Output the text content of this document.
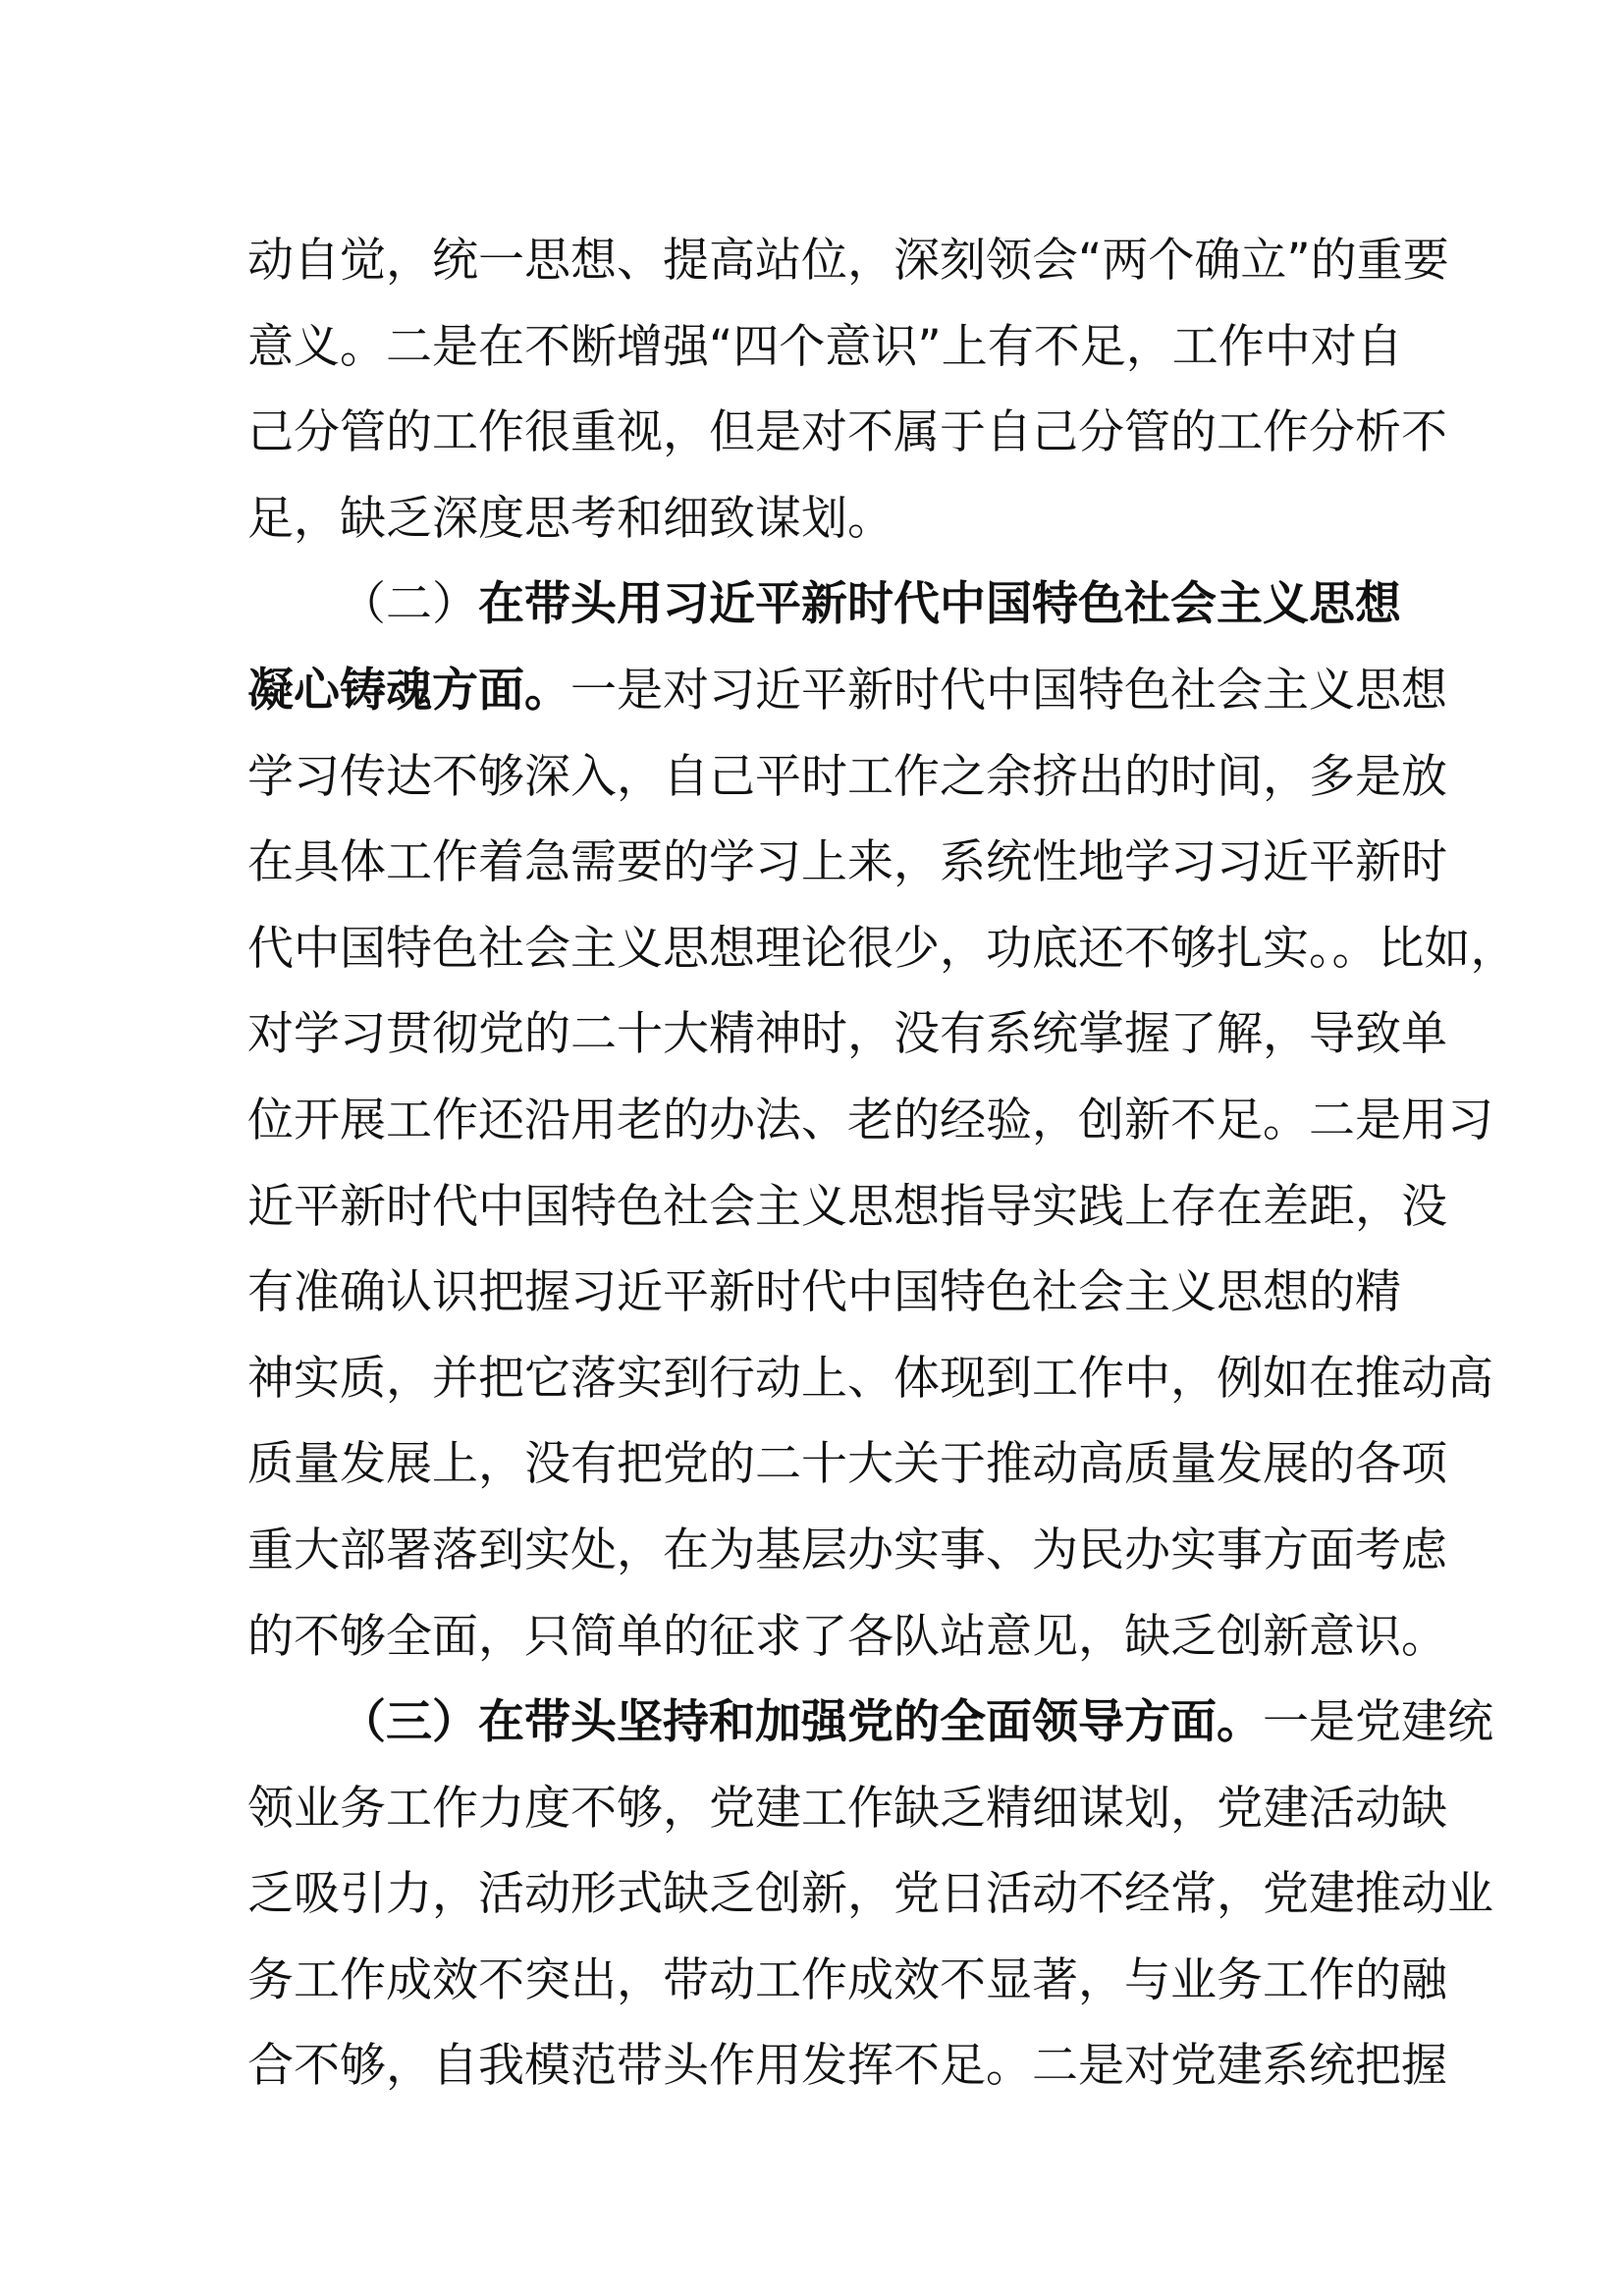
动自觉，统一思想、提高站位，深刻领会“两个确立”的重要
意义。二是在不断增强“四个意识”上有不足，工作中对自
己分管的工作很重视，但是对不属于自己分管的工作分析不
足，缺乏深度思考和细致谋划。
（二）在带头用习近平新时代中国特色社会主义思想
凝心铸魂方面。一是对习近平新时代中国特色社会主义思想
学习传达不够深入，自己平时工作之余挤出的时间，多是放
在具体工作着急需要的学习上来，系统性地学习习近平新时
代中国特色社会主义思想理论很少，功底还不够扎实。。比如，
对学习贯彻党的二十大精神时，没有系统掌握了解，导致单
位开展工作还沿用老的办法、老的经验，创新不足。二是用习
近平新时代中国特色社会主义思想指导实践上存在差距，没
有准确认识把握习近平新时代中国特色社会主义思想的精
神实质，并把它落实到行动上、体现到工作中，例如在推动高
质量发展上，没有把党的二十大关于推动高质量发展的各项
重大部署落到实处，在为基层办实事、为民办实事方面考虑
的不够全面，只简单的征求了各队站意见，缺乏创新意识。
（三）在带头坚持和加强党的全面领导方面。一是党建统
领业务工作力度不够，党建工作缺乏精细谋划，党建活动缺
乏吸引力，活动形式缺乏创新，党日活动不经常，党建推动业
务工作成效不突出，带动工作成效不显著，与业务工作的融
合不够，自我模范带头作用发挥不足。二是对党建系统把握
